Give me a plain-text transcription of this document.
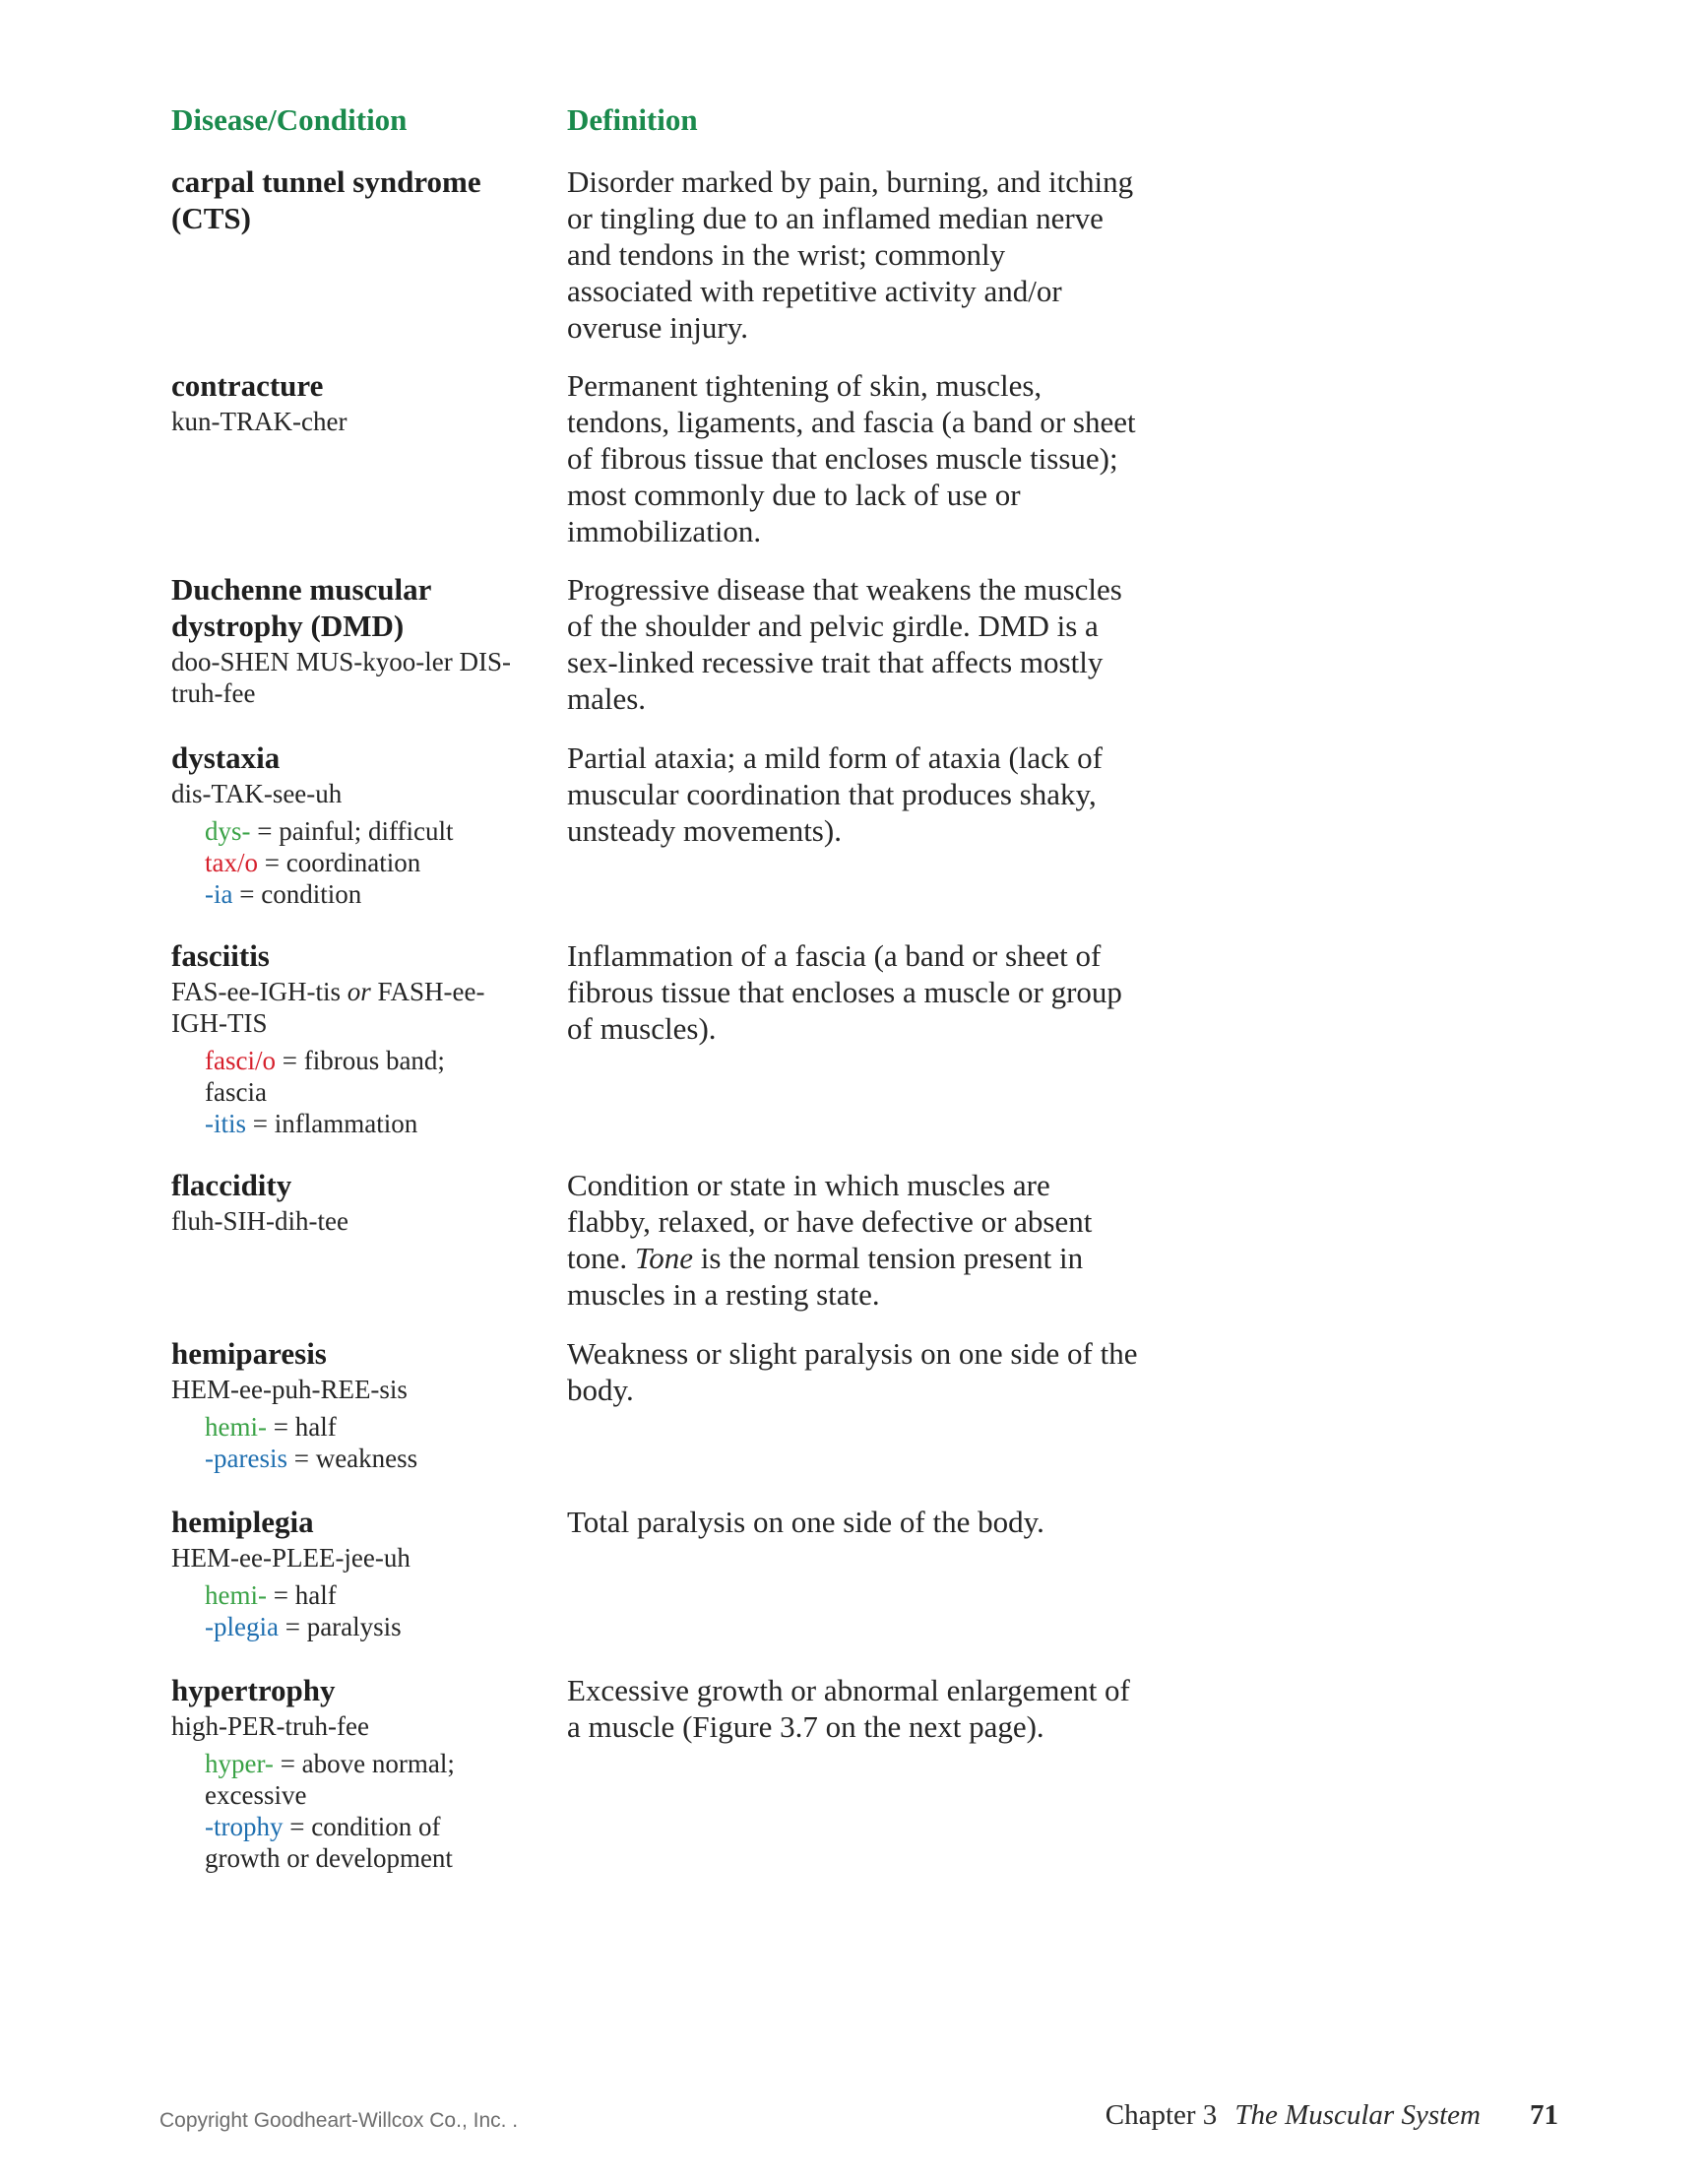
Disease/Condition	Definition
carpal tunnel syndrome (CTS)
Disorder marked by pain, burning, and itching or tingling due to an inflamed median nerve and tendons in the wrist; commonly associated with repetitive activity and/or overuse injury.
contracture
kun-TRAK-cher
Permanent tightening of skin, muscles, tendons, ligaments, and fascia (a band or sheet of fibrous tissue that encloses muscle tissue); most commonly due to lack of use or immobilization.
Duchenne muscular dystrophy (DMD)
doo-SHEN MUS-kyoo-ler DIS-truh-fee
Progressive disease that weakens the muscles of the shoulder and pelvic girdle. DMD is a sex-linked recessive trait that affects mostly males.
dystaxia
dis-TAK-see-uh
dys- = painful; difficult
tax/o = coordination
-ia = condition
Partial ataxia; a mild form of ataxia (lack of muscular coordination that produces shaky, unsteady movements).
fasciitis
FAS-ee-IGH-tis or FASH-ee-IGH-TIS
fasci/o = fibrous band; fascia
-itis = inflammation
Inflammation of a fascia (a band or sheet of fibrous tissue that encloses a muscle or group of muscles).
flaccidity
fluh-SIH-dih-tee
Condition or state in which muscles are flabby, relaxed, or have defective or absent tone. Tone is the normal tension present in muscles in a resting state.
hemiparesis
HEM-ee-puh-REE-sis
hemi- = half
-paresis = weakness
Weakness or slight paralysis on one side of the body.
hemiplegia
HEM-ee-PLEE-jee-uh
hemi- = half
-plegia = paralysis
Total paralysis on one side of the body.
hypertrophy
high-PER-truh-fee
hyper- = above normal; excessive
-trophy = condition of growth or development
Excessive growth or abnormal enlargement of a muscle (Figure 3.7 on the next page).
Copyright Goodheart-Willcox Co., Inc. .	Chapter 3 The Muscular System 71
